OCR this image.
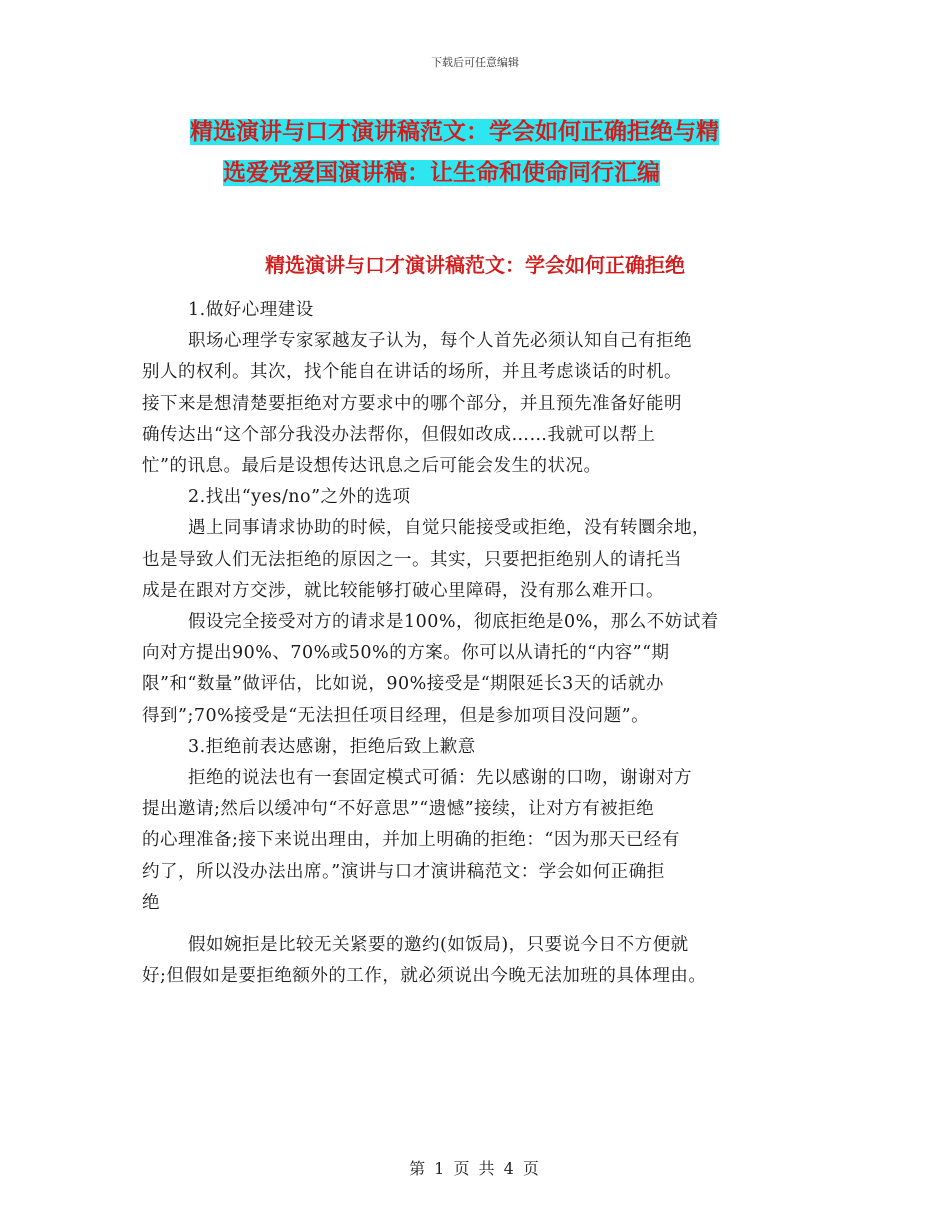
下载后可任意编辑
精选演讲与口才演讲稿范文：学会如何正确拒绝与精
选爱党爱国演讲稿：让生命和使命同行汇编
精选演讲与口才演讲稿范文：学会如何正确拒绝

1.做好心理建设

职场心理学专家冢越友子认为，每个人首先必须认知自己有拒绝

别人的权利。其次，找个能自在讲话的场所，并且考虑谈话的时机。

接下来是想清楚要拒绝对方要求中的哪个部分，并且预先准备好能明

确传达出“这个部分我没办法帮你，但假如改成……我就可以帮上

忙”的讯息。最后是设想传达讯息之后可能会发生的状况。

2.找出“yes/no”之外的选项

遇上同事请求协助的时候，自觉只能接受或拒绝，没有转圜余地，

也是导致人们无法拒绝的原因之一。其实，只要把拒绝别人的请托当

成是在跟对方交涉，就比较能够打破心里障碍，没有那么难开口。

假设完全接受对方的请求是100%，彻底拒绝是0%，那么不妨试着

向对方提出90%、70%或50%的方案。你可以从请托的“内容”“期

限”和“数量”做评估，比如说，90%接受是“期限延长3天的话就办

得到”;70%接受是“无法担任项目经理，但是参加项目没问题”。

3.拒绝前表达感谢，拒绝后致上歉意

拒绝的说法也有一套固定模式可循：先以感谢的口吻，谢谢对方

提出邀请;然后以缓冲句“不好意思”“遗憾”接续，让对方有被拒绝

的心理准备;接下来说出理由，并加上明确的拒绝：“因为那天已经有

约了，所以没办法出席。”演讲与口才演讲稿范文：学会如何正确拒

绝

假如婉拒是比较无关紧要的邀约(如饭局)，只要说今日不方便就

好;但假如是要拒绝额外的工作，就必须说出今晚无法加班的具体理由。

第 1 页 共 4 页
